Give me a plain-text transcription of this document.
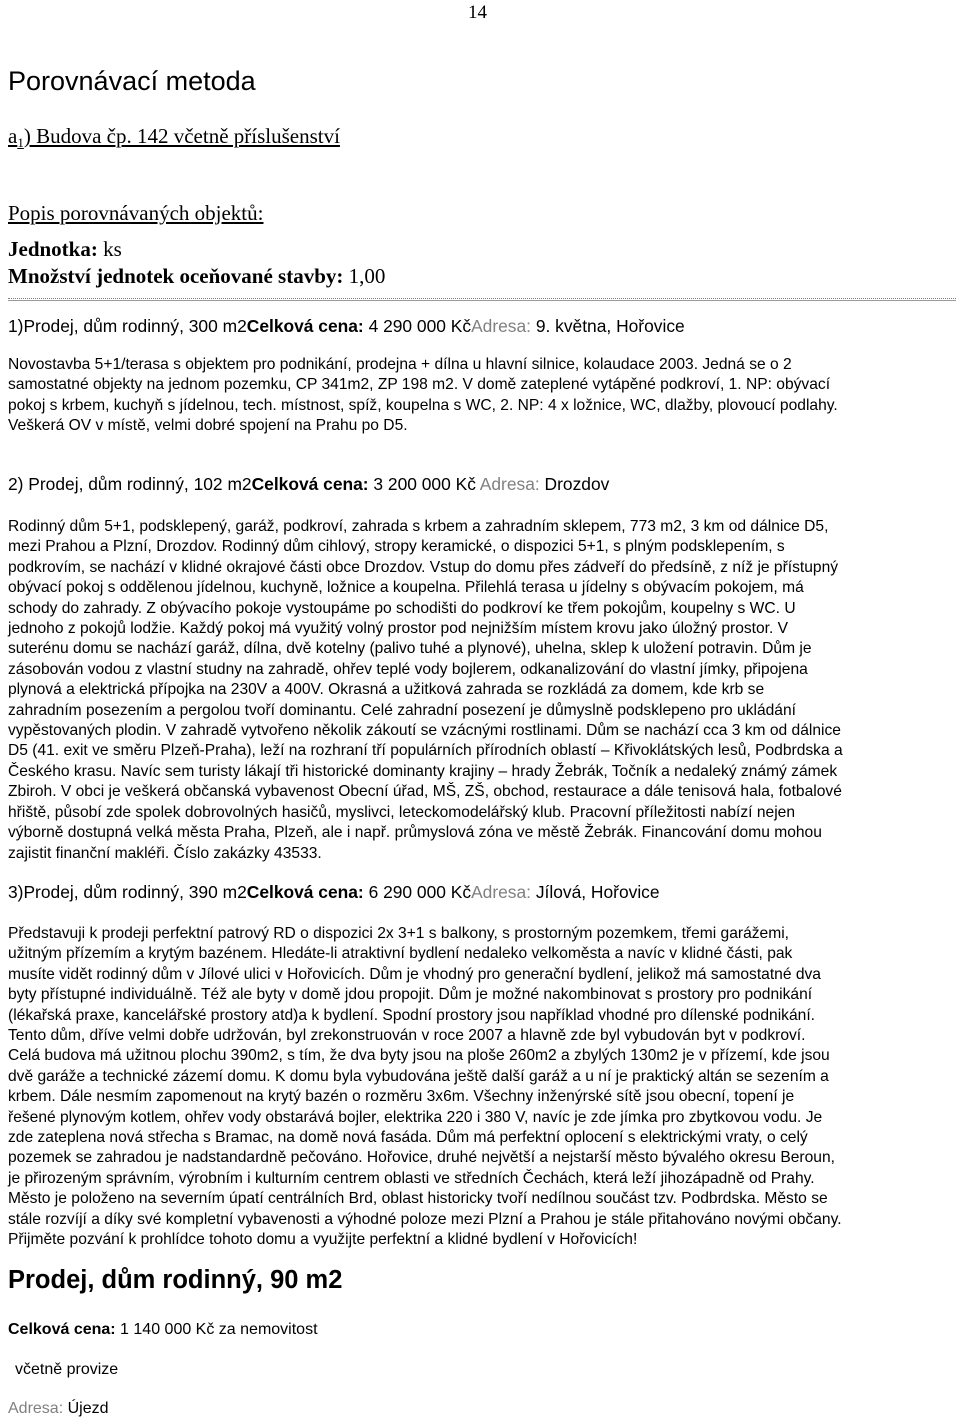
14
Porovnávací metoda
a1) Budova čp. 142 včetně příslušenství
Popis porovnávaných objektů:
Jednotka: ks
Množství jednotek oceňované stavby: 1,00
1)Prodej, dům rodinný, 300 m2Celková cena: 4 290 000 KčAdresa: 9. května, Hořovice
Novostavba 5+1/terasa s objektem pro podnikání, prodejna + dílna u hlavní silnice, kolaudace 2003. Jedná se o 2
samostatné objekty na jednom pozemku, CP 341m2, ZP 198 m2. V domě zateplené vytápěné podkroví, 1. NP: obývací
pokoj s krbem, kuchyň s jídelnou, tech. místnost, spíž, koupelna s WC, 2. NP: 4 x ložnice, WC, dlažby, plovoucí podlahy.
Veškerá OV v místě, velmi dobré spojení na Prahu po D5.
2) Prodej, dům rodinný, 102 m2Celková cena: 3 200 000 Kč Adresa: Drozdov
Rodinný dům 5+1, podsklepený, garáž, podkroví, zahrada s krbem a zahradním sklepem, 773 m2, 3 km od dálnice D5,
mezi Prahou a Plzní, Drozdov. Rodinný dům cihlový, stropy keramické, o dispozici 5+1, s plným podsklepením, s
podkrovím, se nachází v klidné okrajové části obce Drozdov. Vstup do domu přes zádveří do předsíně, z níž je přístupný
obývací pokoj s oddělenou jídelnou, kuchyně, ložnice a koupelna. Přilehlá terasa u jídelny s obývacím pokojem, má
schody do zahrady. Z obývacího pokoje vystoupáme po schodišti do podkroví ke třem pokojům, koupelny s WC. U
jednoho z pokojů lodžie. Každý pokoj má využitý volný prostor pod nejnižším místem krovu jako úložný prostor. V
suterénu domu se nachází garáž, dílna, dvě kotelny (palivo tuhé a plynové), uhelna, sklep k uložení potravin. Dům je
zásobován vodou z vlastní studny na zahradě, ohřev teplé vody bojlerem, odkanalizování do vlastní jímky, připojena
plynová a elektrická přípojka na 230V a 400V. Okrasná a užitková zahrada se rozkládá za domem, kde krb se
zahradním posezením a pergolou tvoří dominantu. Celé zahradní posezení je důmyslně podsklepeno pro ukládání
vypěstovaných plodin. V zahradě vytvořeno několik zákoutí se vzácnými rostlinami. Dům se nachází cca 3 km od dálnice
D5 (41. exit ve směru Plzeň-Praha), leží na rozhraní tří populárních přírodních oblastí – Křivoklátských lesů, Podbrdska a
Českého krasu. Navíc sem turisty lákají tři historické dominanty krajiny – hrady Žebrák, Točník a nedaleký známý zámek
Zbiroh. V obci je veškerá občanská vybavenost Obecní úřad, MŠ, ZŠ, obchod, restaurace a dále tenisová hala, fotbalové
hřiště, působí zde spolek dobrovolných hasičů, myslivci, leteckomodelářský klub. Pracovní příležitosti nabízí nejen
výborně dostupná velká města Praha, Plzeň, ale i např. průmyslová zóna ve městě Žebrák. Financování domu mohou
zajistit finanční makléři. Číslo zakázky 43533.
3)Prodej, dům rodinný, 390 m2Celková cena: 6 290 000 KčAdresa: Jílová, Hořovice
Představuji k prodeji perfektní patrový RD o dispozici 2x 3+1 s balkony, s prostorným pozemkem, třemi garážemi,
užitným přízemím a krytým bazénem. Hledáte-li atraktivní bydlení nedaleko velkoměsta a navíc v klidné části, pak
musíte vidět rodinný dům v Jílové ulici v Hořovicích. Dům je vhodný pro generační bydlení, jelikož má samostatné dva
byty přístupné individuálně. Též ale byty v domě jdou propojit. Dům je možné nakombinovat s prostory pro podnikání
(lékařská praxe, kancelářské prostory atd)a k bydlení. Spodní prostory jsou například vhodné pro dílenské podnikání.
Tento dům, dříve velmi dobře udržován, byl zrekonstruován v roce 2007 a hlavně zde byl vybudován byt v podkroví.
Celá budova má užitnou plochu 390m2, s tím, že dva byty jsou na ploše 260m2 a zbylých 130m2 je v přízemí, kde jsou
dvě garáže a technické zázemí domu. K domu byla vybudována ještě další garáž a u ní je praktický altán se sezením a
krbem. Dále nesmím zapomenout na krytý bazén o rozměru 3x6m. Všechny inženýrské sítě jsou obecní, topení je
řešené plynovým kotlem, ohřev vody obstarává bojler, elektrika 220 i 380 V, navíc je zde jímka pro zbytkovou vodu. Je
zde zateplena nová střecha s Bramac, na domě nová fasáda. Dům má perfektní oplocení s elektrickými vraty, o celý
pozemek se zahradou je nadstandardně pečováno. Hořovice, druhé největší a nejstarší město bývalého okresu Beroun,
je přirozeným správním, výrobním i kulturním centrem oblasti ve středních Čechách, která leží jihozápadně od Prahy.
Město je položeno na severním úpatí centrálních Brd, oblast historicky tvoří nedílnou součást tzv. Podbrdska. Město se
stále rozvíjí a díky své kompletní vybavenosti a výhodné poloze mezi Plzní a Prahou je stále přitahováno novými občany.
Přijměte pozvání k prohlídce tohoto domu a využijte perfektní a klidné bydlení v Hořovicích!
Prodej, dům rodinný, 90 m2
Celková cena: 1 140 000 Kč za nemovitost
včetně provize
Adresa: Újezd
